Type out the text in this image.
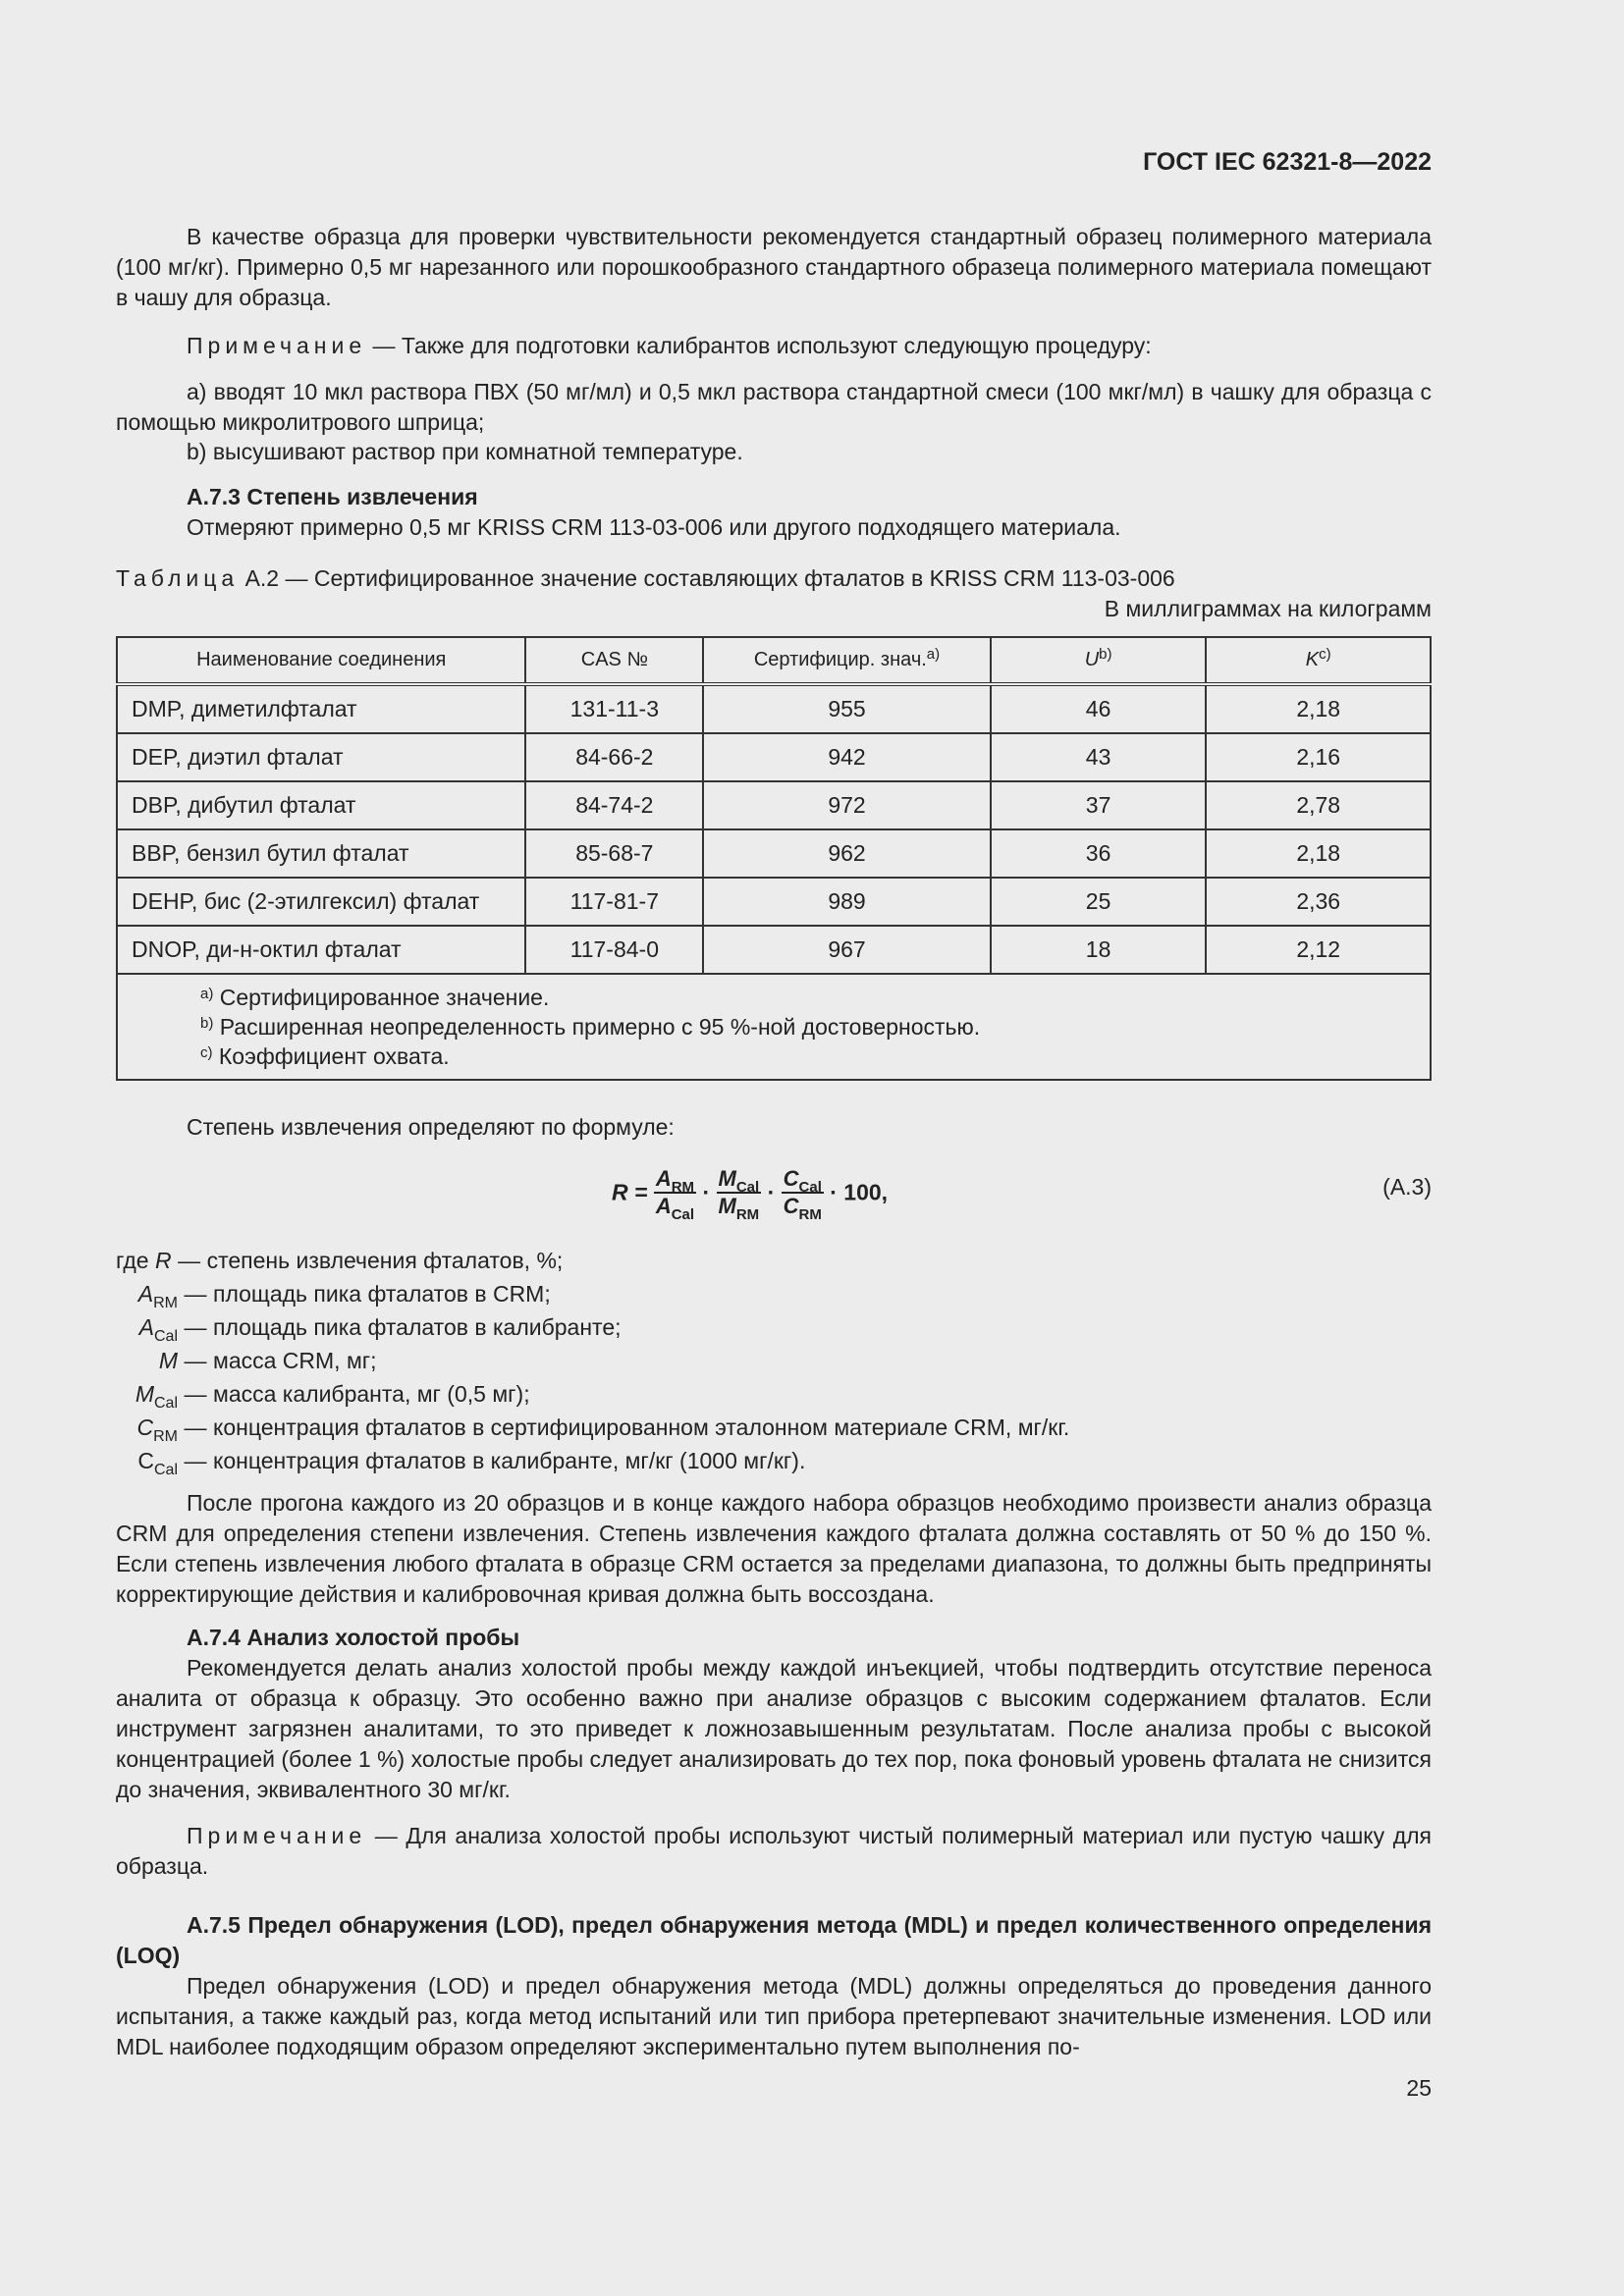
ГОСТ IEC 62321-8—2022

В качестве образца для проверки чувствительности рекомендуется стандартный образец полимерного материала (100 мг/кг). Примерно 0,5 мг нарезанного или порошкообразного стандартного образеца полимерного материала помещают в чашу для образца.

Примечание — Также для подготовки калибрантов используют следующую процедуру:

a) вводят 10 мкл раствора ПВХ (50 мг/мл) и 0,5 мкл раствора стандартной смеси (100 мкг/мл) в чашку для образца с помощью микролитрового шприца;

b) высушивают раствор при комнатной температуре.

А.7.3 Степень извлечения

Отмеряют примерно 0,5 мг KRISS CRM 113-03-006 или другого подходящего материала.

Таблица А.2 — Сертифицированное значение составляющих фталатов в KRISS CRM 113-03-006

В миллиграммах на килограмм

Наименование соединения	CAS №	Сертифицир. знач.$^{a)}$	$U^{b)}$	$K^{c)}$
DMP, диметилфталат	131-11-3	955	46	2,18
DEP, диэтил фталат	84-66-2	942	43	2,16
DBP, дибутил фталат	84-74-2	972	37	2,78
BBP, бензил бутил фталат	85-68-7	962	36	2,18
DEHP, бис (2-этилгексил) фталат	117-81-7	989	25	2,36
DNOP, ди-н-октил фталат	117-84-0	967	18	2,12

$^{a)}$ Сертифицированное значение.
$^{b)}$ Расширенная неопределенность примерно с 95 %-ной достоверностью.
$^{c)}$ Коэффициент охвата.				

Степень извлечения определяют по формуле:

$R = \frac{A_{RM}}{A_{Cal}} \cdot \frac{M_{Cal}}{M_{RM}} \cdot \frac{C_{Cal}}{C_{RM}} \cdot 100$,	(А.3)
где R — степень извлечения фталатов, %;
$A_{RM}$ — площадь пика фталатов в CRM;
$A_{Cal}$ — площадь пика фталатов в калибранте;
M — масса CRM, мг;
$M_{Cal}$ — масса калибранта, мг (0,5 мг);
$C_{RM}$ — концентрация фталатов в сертифицированном эталонном материале CRM, мг/кг.
$C_{Cal}$ — концентрация фталатов в калибранте, мг/кг (1000 мг/кг).

После прогона каждого из 20 образцов и в конце каждого набора образцов необходимо произвести анализ образца CRM для определения степени извлечения. Степень извлечения каждого фталата должна составлять от 50 % до 150 %. Если степень извлечения любого фталата в образце CRM остается за пределами диапазона, то должны быть предприняты корректирующие действия и калибровочная кривая должна быть воссоздана.

А.7.4 Анализ холостой пробы

Рекомендуется делать анализ холостой пробы между каждой инъекцией, чтобы подтвердить отсутствие переноса аналита от образца к образцу. Это особенно важно при анализе образцов с высоким содержанием фталатов. Если инструмент загрязнен аналитами, то это приведет к ложнозавышенным результатам. После анализа пробы с высокой концентрацией (более 1 %) холостые пробы следует анализировать до тех пор, пока фоновый уровень фталата не снизится до значения, эквивалентного 30 мг/кг.

Примечание — Для анализа холостой пробы используют чистый полимерный материал или пустую чашку для образца.

А.7.5 Предел обнаружения (LOD), предел обнаружения метода (MDL) и предел количественного определения (LOQ)

Предел обнаружения (LOD) и предел обнаружения метода (MDL) должны определяться до проведения данного испытания, а также каждый раз, когда метод испытаний или тип прибора претерпевают значительные изменения. LOD или MDL наиболее подходящим образом определяют экспериментально путем выполнения по-

25
